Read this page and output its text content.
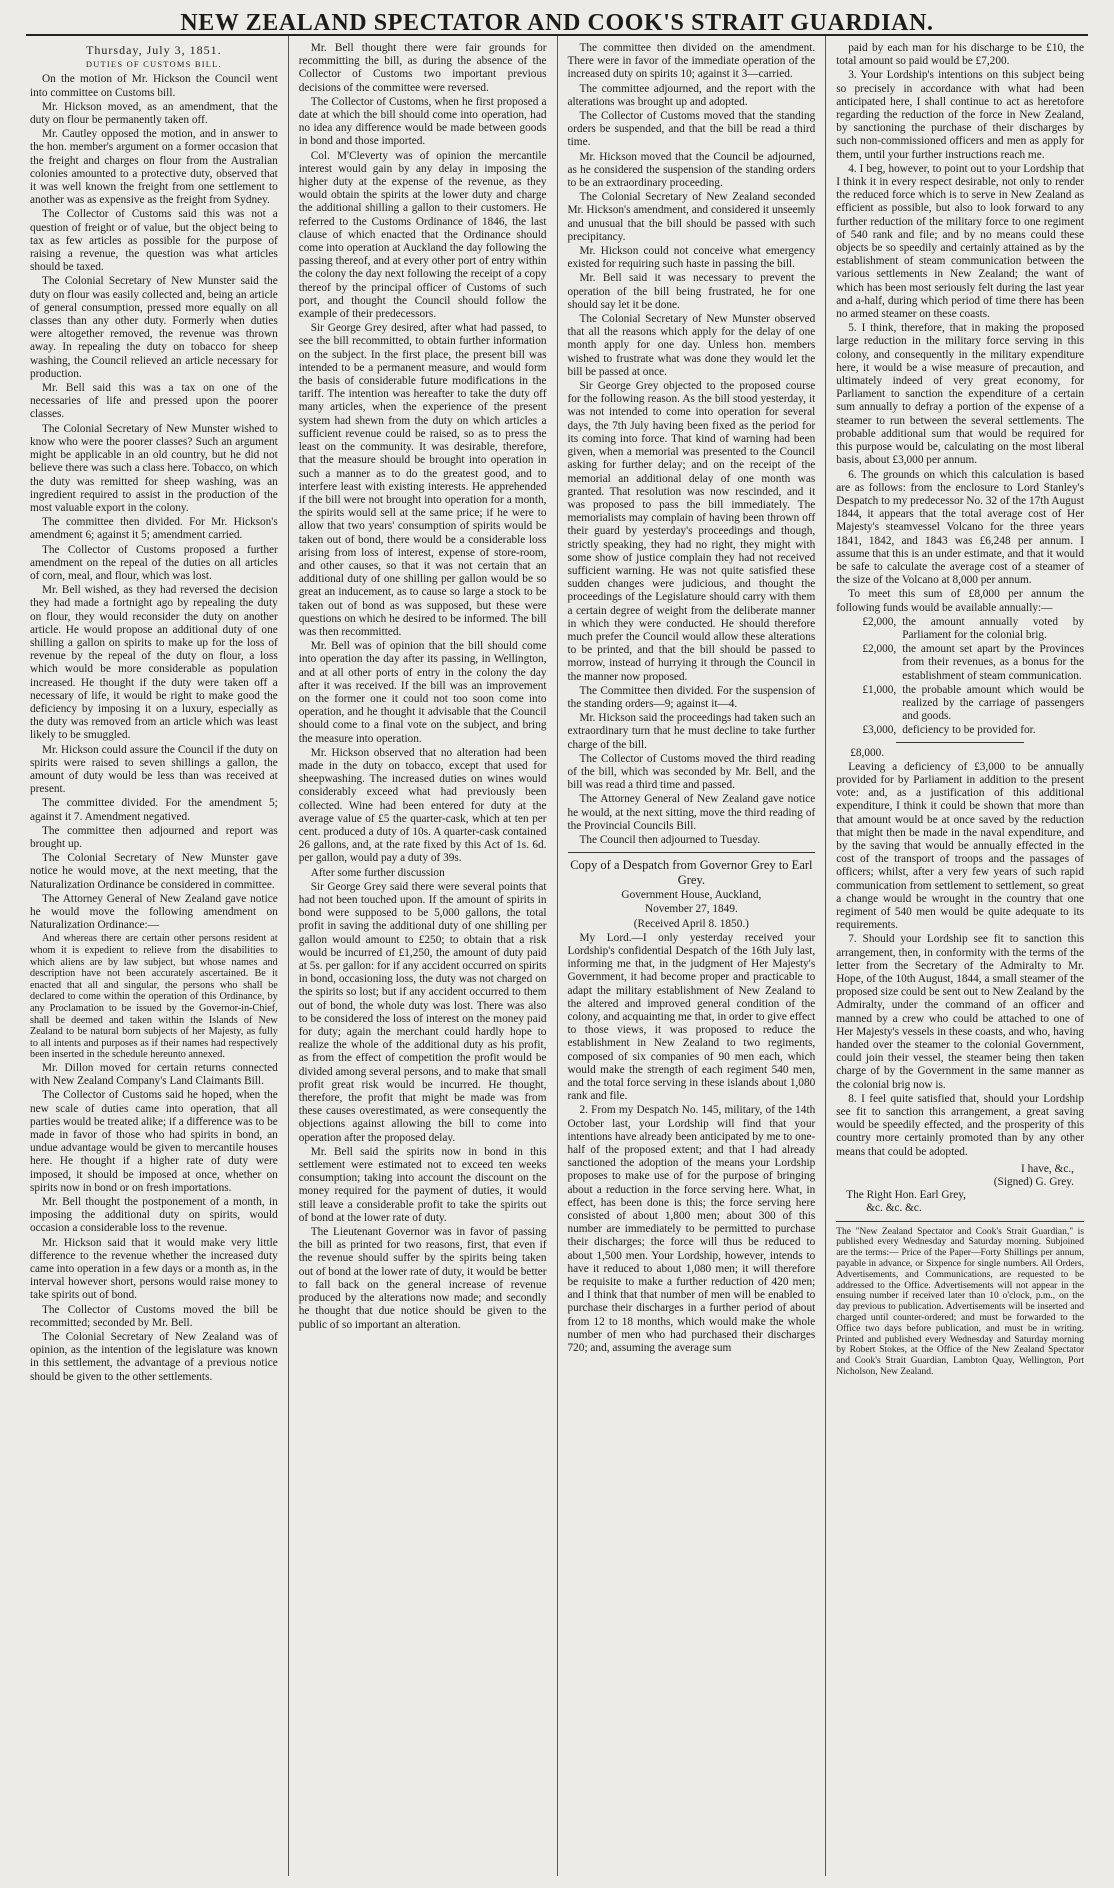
NEW ZEALAND SPECTATOR AND COOK'S STRAIT GUARDIAN.
Thursday, July 3, 1851.
DUTIES OF CUSTOMS BILL.

On the motion of Mr. Hickson the Council went into committee on Customs bill.

Mr. Hickson moved, as an amendment, that the duty on flour be permanently taken off.

Mr. Cautley opposed the motion, and in answer to the hon. member's argument on a former occasion that the freight and charges on flour from the Australian colonies amounted to a protective duty, observed that it was well known the freight from one settlement to another was as expensive as the freight from Sydney.

The Collector of Customs said this was not a question of freight or of value, but the object being to tax as few articles as possible for the purpose of raising a revenue, the question was what articles should be taxed.

The Colonial Secretary of New Munster said the duty on flour was easily collected and, being an article of general consumption, pressed more equally on all classes than any other duty. Formerly when duties were altogether removed, the revenue was thrown away. In repealing the duty on tobacco for sheep washing, the Council relieved an article necessary for production.

Mr. Bell said this was a tax on one of the necessaries of life and pressed upon the poorer classes.

The Colonial Secretary of New Munster wished to know who were the poorer classes? Such an argument might be applicable in an old country, but he did not believe there was such a class here. Tobacco, on which the duty was remitted for sheep washing, was an ingredient required to assist in the production of the most valuable export in the colony.

The committee then divided. For Mr. Hickson's amendment 6; against it 5; amendment carried.

The Collector of Customs proposed a further amendment on the repeal of the duties on all articles of corn, meal, and flour, which was lost.

Mr. Bell wished, as they had reversed the decision they had made a fortnight ago by repealing the duty on flour, they would reconsider the duty on another article. He would propose an additional duty of one shilling a gallon on spirits to make up for the loss of revenue by the repeal of the duty on flour, a loss which would be more considerable as population increased. He thought if the duty were taken off a necessary of life, it would be right to make good the deficiency by imposing it on a luxury, especially as the duty was removed from an article which was least likely to be smuggled.

Mr. Hickson could assure the Council if the duty on spirits were raised to seven shillings a gallon, the amount of duty would be less than was received at present.

The committee divided. For the amendment 5; against it 7. Amendment negatived.

The committee then adjourned and report was brought up.

The Colonial Secretary of New Munster gave notice he would move, at the next meeting, that the Naturalization Ordinance be considered in committee.

The Attorney General of New Zealand gave notice he would move the following amendment on Naturalization Ordinance:—

And whereas there are certain other persons resident at whom it is expedient to relieve from the disabilities to which aliens are by law subject, but whose names and description have not been accurately ascertained. Be it enacted that all and singular, the persons who shall be declared to come within the operation of this Ordinance, by any Proclamation to be issued by the Governor-in-Chief, shall be deemed and taken within the Islands of New Zealand to be natural born subjects of her Majesty, as fully to all intents and purposes as if their names had respectively been inserted in the schedule hereunto annexed.

Mr. Dillon moved for certain returns connected with New Zealand Company's Land Claimants Bill.

The Collector of Customs said he hoped, when the new scale of duties came into operation, that all parties would be treated alike; if a difference was to be made in favor of those who had spirits in bond, an undue advantage would be given to mercantile houses here. He thought if a higher rate of duty were imposed, it should be imposed at once, whether on spirits now in bond or on fresh importations.

Mr. Bell thought the postponement of a month, in imposing the additional duty on spirits, would occasion a considerable loss to the revenue.

Mr. Hickson said that it would make very little difference to the revenue whether the increased duty came into operation in a few days or a month as, in the interval however short, persons would raise money to take spirits out of bond.

The Collector of Customs moved the bill be recommitted; seconded by Mr. Bell.

The Colonial Secretary of New Zealand was of opinion, as the intention of the legislature was known in this settlement, the advantage of a previous notice should be given to the other settlements.

Mr. Bell thought there were fair grounds for recommitting the bill, as during the absence of the Collector of Customs two important previous decisions of the committee were reversed.

The Collector of Customs, when he first proposed a date at which the bill should come into operation, had no idea any difference would be made between goods in bond and those imported.

Col. M'Cleverty was of opinion the mercantile interest would gain by any delay in imposing the higher duty at the expense of the revenue, as they would obtain the spirits at the lower duty and charge the additional shilling a gallon to their customers. He referred to the Customs Ordinance of 1846, the last clause of which enacted that the Ordinance should come into operation at Auckland the day following the passing thereof, and at every other port of entry within the colony the day next following the receipt of a copy thereof by the principal officer of Customs of such port, and thought the Council should follow the example of their predecessors.

Sir George Grey desired, after what had passed, to see the bill recommitted, to obtain further information on the subject. In the first place, the present bill was intended to be a permanent measure, and would form the basis of considerable future modifications in the tariff. The intention was hereafter to take the duty off many articles, when the experience of the present system had shewn from the duty on which articles a sufficient revenue could be raised, so as to press the least on the community. It was desirable, therefore, that the measure should be brought into operation in such a manner as to do the greatest good, and to interfere least with existing interests. He apprehended if the bill were not brought into operation for a month, the spirits would sell at the same price; if he were to allow that two years' consumption of spirits would be taken out of bond, there would be a considerable loss arising from loss of interest, expense of store-room, and other causes, so that it was not certain that an additional duty of one shilling per gallon would be so great an inducement, as to cause so large a stock to be taken out of bond as was supposed, but these were questions on which he desired to be informed. The bill was then recommitted.

Mr. Bell was of opinion that the bill should come into operation the day after its passing, in Wellington, and at all other ports of entry in the colony the day after it was received. If the bill was an improvement on the former one it could not too soon come into operation, and he thought it advisable that the Council should come to a final vote on the subject, and bring the measure into operation.

Mr. Hickson observed that no alteration had been made in the duty on tobacco, except that used for sheepwashing. The increased duties on wines would considerably exceed what had previously been collected. Wine had been entered for duty at the average value of £5 the quarter-cask, which at ten per cent. produced a duty of 10s. A quarter-cask contained 26 gallons, and, at the rate fixed by this Act of 1s. 6d. per gallon, would pay a duty of 39s.

After some further discussion

Sir George Grey said there were several points that had not been touched upon. If the amount of spirits in bond were supposed to be 5,000 gallons, the total profit in saving the additional duty of one shilling per gallon would amount to £250; to obtain that a risk would be incurred of £1,250, the amount of duty paid at 5s. per gallon: for if any accident occurred on spirits in bond, occasioning loss, the duty was not charged on the spirits so lost; but if any accident occurred to them out of bond, the whole duty was lost. There was also to be considered the loss of interest on the money paid for duty; again the merchant could hardly hope to realize the whole of the additional duty as his profit, as from the effect of competition the profit would be divided among several persons, and to make that small profit great risk would be incurred. He thought, therefore, the profit that might be made was from these causes overestimated, as were consequently the objections against allowing the bill to come into operation after the proposed delay.

Mr. Bell said the spirits now in bond in this settlement were estimated not to exceed ten weeks consumption; taking into account the discount on the money required for the payment of duties, it would still leave a considerable profit to take the spirits out of bond at the lower rate of duty.

The Lieutenant Governor was in favor of passing the bill as printed for two reasons, first, that even if the revenue should suffer by the spirits being taken out of bond at the lower rate of duty, it would be better to fall back on the general increase of revenue produced by the alterations now made; and secondly he thought that due notice should be given to the public of so important an alteration.

The committee then divided on the amendment. There were in favor of the immediate operation of the increased duty on spirits 10; against it 3—carried.

The committee adjourned, and the report with the alterations was brought up and adopted.

The Collector of Customs moved that the standing orders be suspended, and that the bill be read a third time.

Mr. Hickson moved that the Council be adjourned, as he considered the suspension of the standing orders to be an extraordinary proceeding.

The Colonial Secretary of New Zealand seconded Mr. Hickson's amendment, and considered it unseemly and unusual that the bill should be passed with such precipitancy.

Mr. Hickson could not conceive what emergency existed for requiring such haste in passing the bill.

Mr. Bell said it was necessary to prevent the operation of the bill being frustrated, he for one should say let it be done.

The Colonial Secretary of New Munster observed that all the reasons which apply for the delay of one month apply for one day. Unless hon. members wished to frustrate what was done they would let the bill be passed at once.

Sir George Grey objected to the proposed course for the following reason. As the bill stood yesterday, it was not intended to come into operation for several days, the 7th July having been fixed as the period for its coming into force. That kind of warning had been given, when a memorial was presented to the Council asking for further delay; and on the receipt of the memorial an additional delay of one month was granted. That resolution was now rescinded, and it was proposed to pass the bill immediately. The memorialists may complain of having been thrown off their guard by yesterday's proceedings and though, strictly speaking, they had no right, they might with some show of justice complain they had not received sufficient warning. He was not quite satisfied these sudden changes were judicious, and thought the proceedings of the Legislature should carry with them a certain degree of weight from the deliberate manner in which they were conducted. He should therefore much prefer the Council would allow these alterations to be printed, and that the bill should be passed to morrow, instead of hurrying it through the Council in the manner now proposed.

The Committee then divided. For the suspension of the standing orders—9; against it—4.

Mr. Hickson said the proceedings had taken such an extraordinary turn that he must decline to take further charge of the bill.

The Collector of Customs moved the third reading of the bill, which was seconded by Mr. Bell, and the bill was read a third time and passed.

The Attorney General of New Zealand gave notice he would, at the next sitting, move the third reading of the Provincial Councils Bill.

The Council then adjourned to Tuesday.

Copy of a Despatch from Governor Grey to Earl Grey.

Government House, Auckland,

November 27, 1849.

(Received April 8. 1850.)

My Lord.—I only yesterday received your Lordship's confidential Despatch of the 16th July last, informing me that, in the judgment of Her Majesty's Government, it had become proper and practicable to adapt the military establishment of New Zealand to the altered and improved general condition of the colony, and acquainting me that, in order to give effect to those views, it was proposed to reduce the establishment in New Zealand to two regiments, composed of six companies of 90 men each, which would make the strength of each regiment 540 men, and the total force serving in these islands about 1,080 rank and file.

2. From my Despatch No. 145, military, of the 14th October last, your Lordship will find that your intentions have already been anticipated by me to one-half of the proposed extent; and that I had already sanctioned the adoption of the means your Lordship proposes to make use of for the purpose of bringing about a reduction in the force serving here. What, in effect, has been done is this; the force serving here consisted of about 1,800 men; about 300 of this number are immediately to be permitted to purchase their discharges; the force will thus be reduced to about 1,500 men. Your Lordship, however, intends to have it reduced to about 1,080 men; it will therefore be requisite to make a further reduction of 420 men; and I think that that number of men will be enabled to purchase their discharges in a further period of about from 12 to 18 months, which would make the whole number of men who had purchased their discharges 720; and, assuming the average sum

paid by each man for his discharge to be £10, the total amount so paid would be £7,200.

3. Your Lordship's intentions on this subject being so precisely in accordance with what had been anticipated here, I shall continue to act as heretofore regarding the reduction of the force in New Zealand, by sanctioning the purchase of their discharges by such non-commissioned officers and men as apply for them, until your further instructions reach me.

4. I beg, however, to point out to your Lordship that I think it in every respect desirable, not only to render the reduced force which is to serve in New Zealand as efficient as possible, but also to look forward to any further reduction of the military force to one regiment of 540 rank and file; and by no means could these objects be so speedily and certainly attained as by the establishment of steam communication between the various settlements in New Zealand; the want of which has been most seriously felt during the last year and a-half, during which period of time there has been no armed steamer on these coasts.

5. I think, therefore, that in making the proposed large reduction in the military force serving in this colony, and consequently in the military expenditure here, it would be a wise measure of precaution, and ultimately indeed of very great economy, for Parliament to sanction the expenditure of a certain sum annually to defray a portion of the expense of a steamer to run between the several settlements. The probable additional sum that would be required for this purpose would be, calculating on the most liberal basis, about £3,000 per annum.

6. The grounds on which this calculation is based are as follows: from the enclosure to Lord Stanley's Despatch to my predecessor No. 32 of the 17th August 1844, it appears that the total average cost of Her Majesty's steamvessel Volcano for the three years 1841, 1842, and 1843 was £6,248 per annum. I assume that this is an under estimate, and that it would be safe to calculate the average cost of a steamer of the size of the Volcano at 8,000 per annum.

To meet this sum of £8,000 per annum the following funds would be available annually:—

£2,000, the amount annually voted by Parliament for the colonial brig.
£2,000, the amount set apart by the Provinces from their revenues, as a bonus for the establishment of steam communication.
£1,000, the probable amount which would be realized by the carriage of passengers and goods.
£3,000, deficiency to be provided for.

£8,000.

Leaving a deficiency of £3,000 to be annually provided for by Parliament in addition to the present vote: and, as a justification of this additional expenditure, I think it could be shown that more than that amount would be at once saved by the reduction that might then be made in the naval expenditure, and by the saving that would be annually effected in the cost of the transport of troops and the passages of officers; whilst, after a very few years of such rapid communication from settlement to settlement, so great a change would be wrought in the country that one regiment of 540 men would be quite adequate to its requirements.

7. Should your Lordship see fit to sanction this arrangement, then, in conformity with the terms of the letter from the Secretary of the Admiralty to Mr. Hope, of the 10th August, 1844, a small steamer of the proposed size could be sent out to New Zealand by the Admiralty, under the command of an officer and manned by a crew who could be attached to one of Her Majesty's vessels in these coasts, and who, having handed over the steamer to the colonial Government, could join their vessel, the steamer being then taken charge of by the Government in the same manner as the colonial brig now is.

8. I feel quite satisfied that, should your Lordship see fit to sanction this arrangement, a great saving would be speedily effected, and the prosperity of this country more certainly promoted than by any other means that could be adopted.

I have, &c.,
(Signed) G. Grey.
The Right Hon. Earl Grey,
&c. &c. &c.
The "New Zealand Spectator and Cook's Strait Guardian," is published every Wednesday and Saturday morning. Subjoined are the terms:— Price of the Paper—Forty Shillings per annum, payable in advance, or Sixpence for single numbers. All Orders, Advertisements, and Communications, are requested to be addressed to the Office. Advertisements will not appear in the ensuing number if received later than 10 o'clock, p.m., on the day previous to publication. Advertisements will be inserted and charged until counter-ordered; and must be forwarded to the Office two days before publication, and must be in writing. Printed and published every Wednesday and Saturday morning by Robert Stokes, at the Office of the New Zealand Spectator and Cook's Strait Guardian, Lambton Quay, Wellington, Port Nicholson, New Zealand.
